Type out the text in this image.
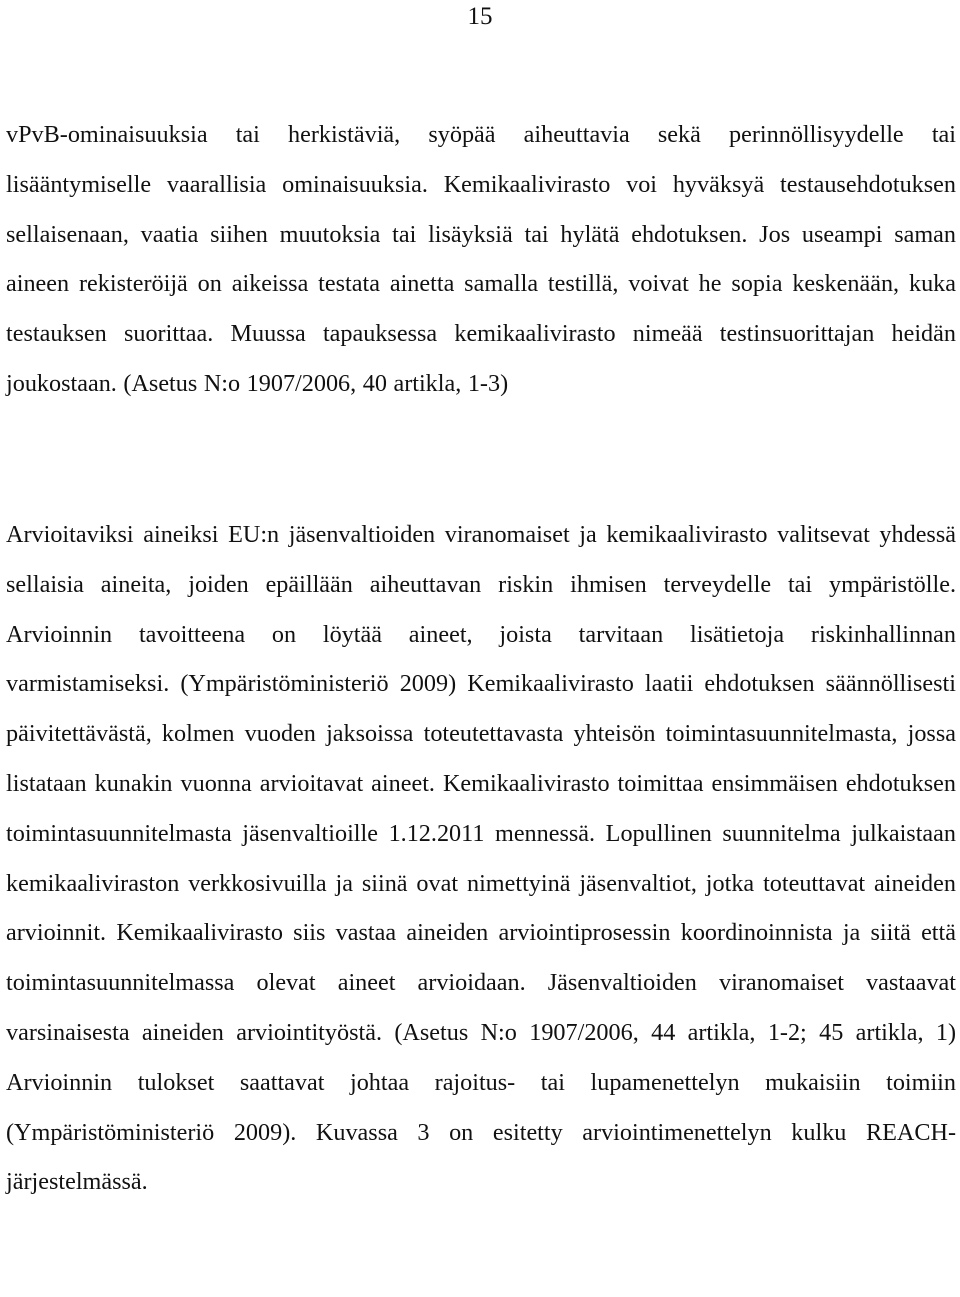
15

vPvB-ominaisuuksia tai herkistäviä, syöpää aiheuttavia sekä perinnöllisyydelle tai lisääntymiselle vaarallisia ominaisuuksia. Kemikaalivirasto voi hyväksyä testausehdotuksen sellaisenaan, vaatia siihen muutoksia tai lisäyksiä tai hylätä ehdotuksen. Jos useampi saman aineen rekisteröijä on aikeissa testata ainetta samalla testillä, voivat he sopia keskenään, kuka testauksen suorittaa. Muussa tapauksessa kemikaalivirasto nimeää testinsuorittajan heidän joukostaan. (Asetus N:o 1907/2006, 40 artikla, 1-3)

Arvioitaviksi aineiksi EU:n jäsenvaltioiden viranomaiset ja kemikaalivirasto valitsevat yhdessä sellaisia aineita, joiden epäillään aiheuttavan riskin ihmisen terveydelle tai ympäristölle. Arvioinnin tavoitteena on löytää aineet, joista tarvitaan lisätietoja riskinhallinnan varmistamiseksi. (Ympäristöministeriö 2009) Kemikaalivirasto laatii ehdotuksen säännöllisesti päivitettävästä, kolmen vuoden jaksoissa toteutettavasta yhteisön toimintasuunnitelmasta, jossa listataan kunakin vuonna arvioitavat aineet. Kemikaalivirasto toimittaa ensimmäisen ehdotuksen toimintasuunnitelmasta jäsenvaltioille 1.12.2011 mennessä. Lopullinen suunnitelma julkaistaan kemikaaliviraston verkkosivuilla ja siinä ovat nimettyinä jäsenvaltiot, jotka toteuttavat aineiden arvioinnit. Kemikaalivirasto siis vastaa aineiden arviointiprosessin koordinoinnista ja siitä että toimintasuunnitelmassa olevat aineet arvioidaan. Jäsenvaltioiden viranomaiset vastaavat varsinaisesta aineiden arviointityöstä. (Asetus N:o 1907/2006, 44 artikla, 1-2; 45 artikla, 1) Arvioinnin tulokset saattavat johtaa rajoitus- tai lupamenettelyn mukaisiin toimiin (Ympäristöministeriö 2009). Kuvassa 3 on esitetty arviointimenettelyn kulku REACH-järjestelmässä.
